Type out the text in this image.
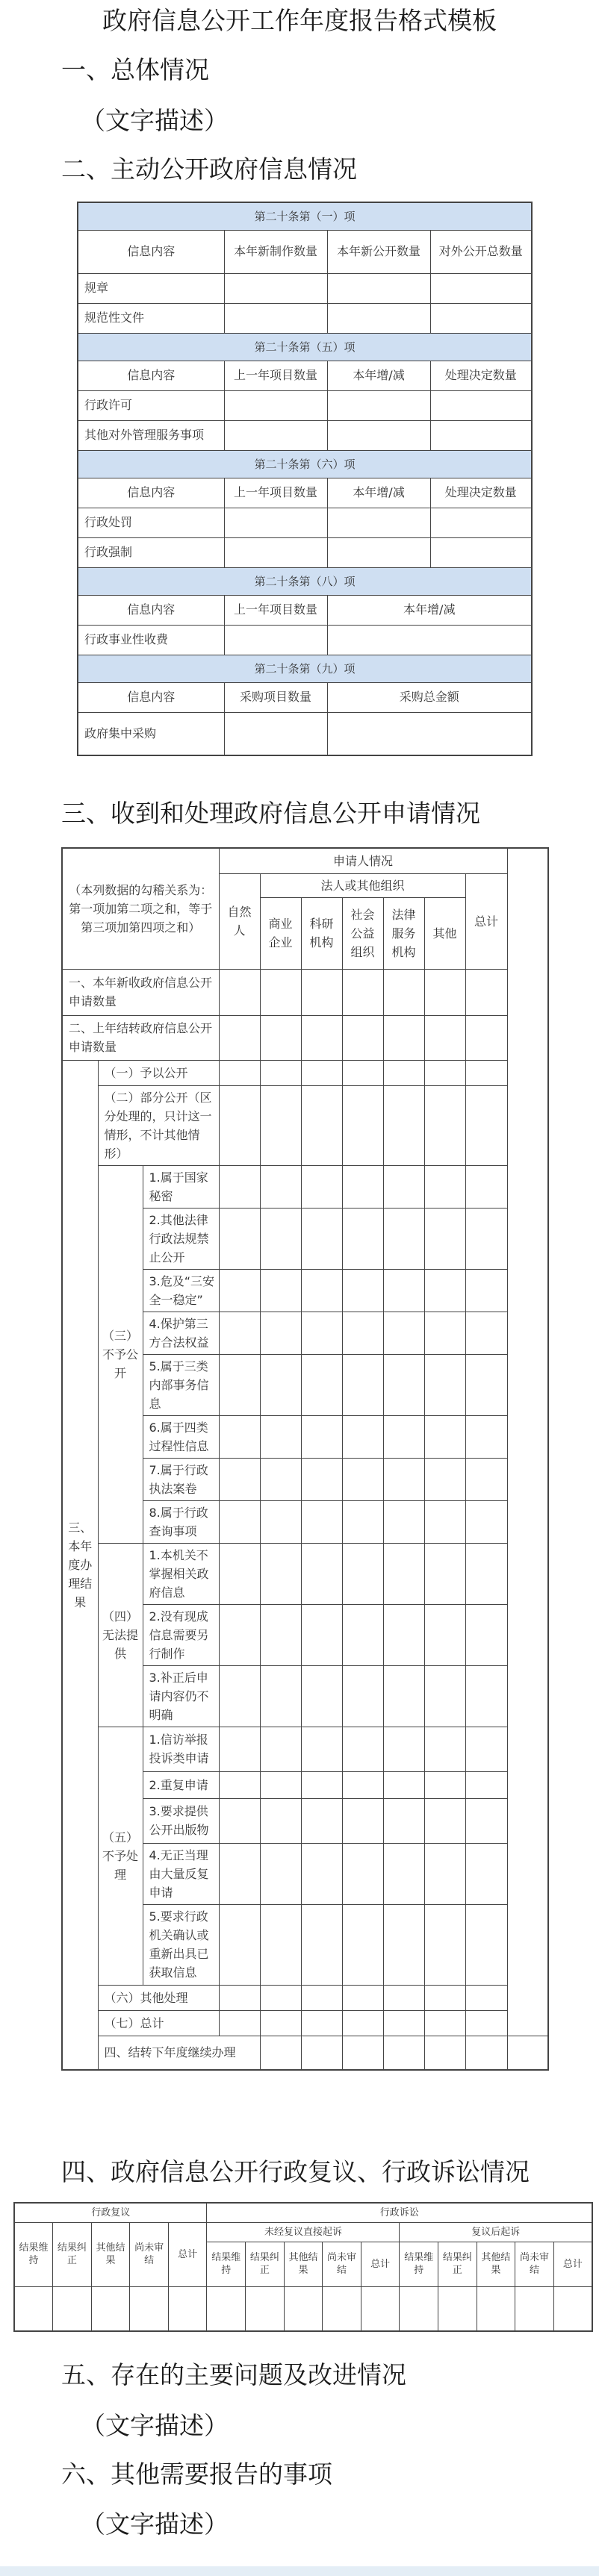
政府信息公开工作年度报告格式模板
一、总体情况
（文字描述）
二、主动公开政府信息情况
第二十条第（一）项			
信息内容	本年新制作数量	本年新公开数量	对外公开总数量
规章			
规范性文件			
第二十条第（五）项			
信息内容	上一年项目数量	本年增/减	处理决定数量
行政许可			
其他对外管理服务事项			
第二十条第（六）项			
信息内容	上一年项目数量	本年增/减	处理决定数量
行政处罚			
行政强制			
第二十条第（八）项			
信息内容	上一年项目数量	本年增/减	
行政事业性收费			
第二十条第（九）项			
信息内容	采购项目数量	采购总金额	
政府集中采购			
三、收到和处理政府信息公开申请情况
（本列数据的勾稽关系为：第一项加第二项之和，等于第三项加第四项之和）			申请人情况							
			自然人	法人或其他组织					总计	
				商业企业	科研机构	社会公益组织	法律服务机构	其他		
一、本年新收政府信息公开申请数量										
二、上年结转政府信息公开申请数量										
三、本年度办理结果	（一）予以公开									
	（二）部分公开（区分处理的，只计这一情形，不计其他情形）									
	（三）不予公开	1.属于国家秘密								
		2.其他法律行政法规禁止公开								
		3.危及“三安全一稳定”								
		4.保护第三方合法权益								
		5.属于三类内部事务信息								
		6.属于四类过程性信息								
		7.属于行政执法案卷								
		8.属于行政查询事项								
	（四）无法提供	1.本机关不掌握相关政府信息								
		2.没有现成信息需要另行制作								
		3.补正后申请内容仍不明确								
	（五）不予处理	1.信访举报投诉类申请								
		2.重复申请								
		3.要求提供公开出版物								
		4.无正当理由大量反复申请								
		5.要求行政机关确认或重新出具已获取信息								
	（六）其他处理									
	（七）总计									
	四、结转下年度继续办理									
四、政府信息公开行政复议、行政诉讼情况
行政复议					行政诉讼									
结果维持	结果纠正	其他结果	尚未审结	总计	未经复议直接起诉					复议后起诉				
					结果维持	结果纠正	其他结果	尚未审结	总计	结果维持	结果纠正	其他结果	尚未审结	总计

五、存在的主要问题及改进情况
（文字描述）
六、其他需要报告的事项
（文字描述）
